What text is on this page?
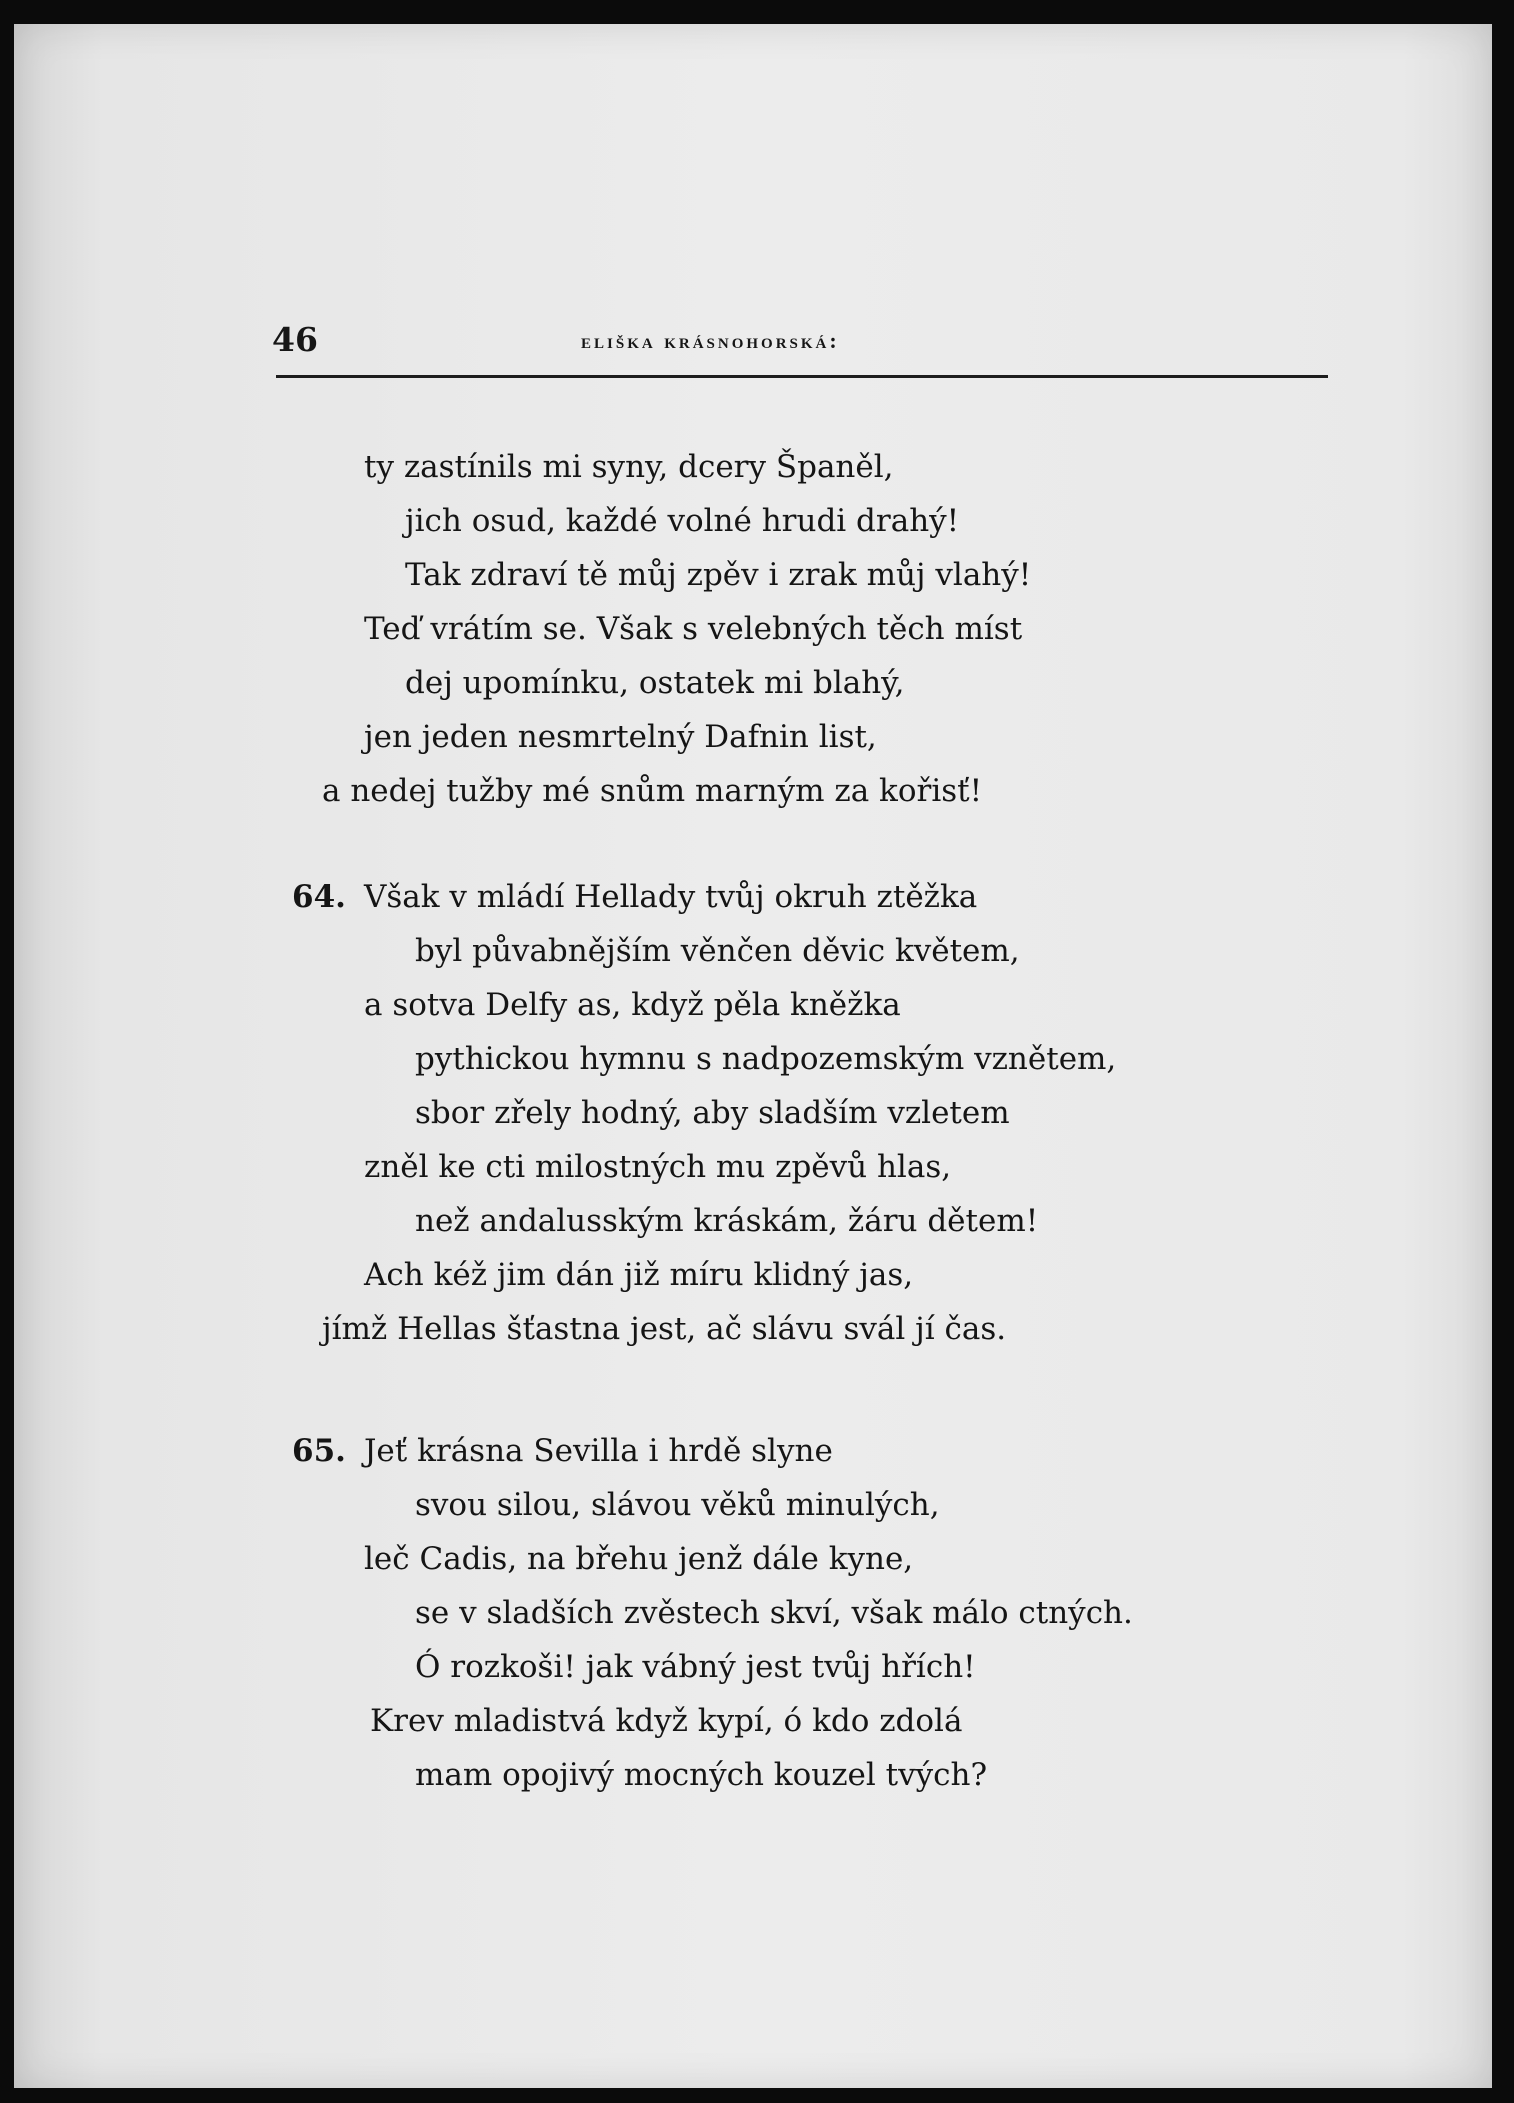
46	eliška krásnohorská:
ty zastínils mi syny, dcery Španěl,
jich osud, každé volné hrudi drahý!
Tak zdraví tě můj zpěv i zrak můj vlahý!
Teď vrátím se. Však s velebných těch míst
dej upomínku, ostatek mi blahý,
jen jeden nesmrtelný Dafnin list,
a nedej tužby mé snům marným za kořisť!
64. Však v mládí Hellady tvůj okruh ztěžka
byl půvabnějším věnčen děvic květem,
a sotva Delfy as, když pěla kněžka
pythickou hymnu s nadpozemským vznětem,
sbor zřely hodný, aby sladším vzletem
zněl ke cti milostných mu zpěvů hlas,
než andalusským kráskám, žáru dětem!
Ach kéž jim dán již míru klidný jas,
jímž Hellas šťastna jest, ač slávu svál jí čas.
65. Jeť krásna Sevilla i hrdě slyne
svou silou, slávou věků minulých,
leč Cadis, na břehu jenž dále kyne,
se v sladších zvěstech skví, však málo ctných.
Ó rozkoši! jak vábný jest tvůj hřích!
Krev mladistvá když kypí, ó kdo zdolá
mam opojivý mocných kouzel tvých?
